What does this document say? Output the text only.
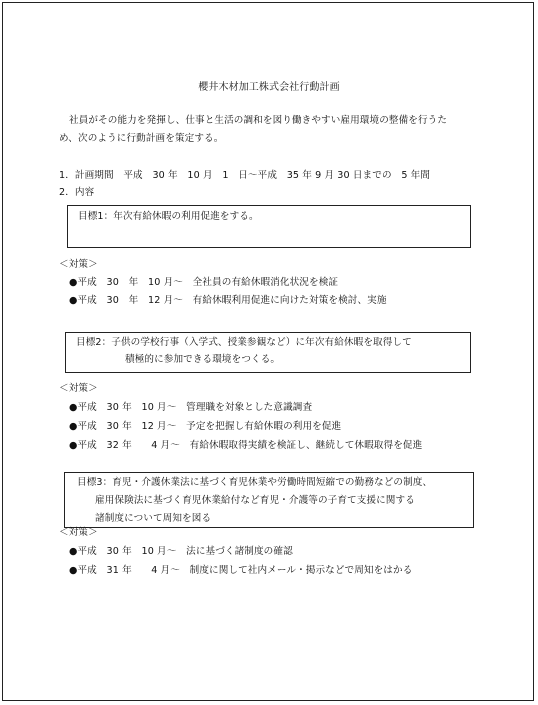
櫻井木材加工株式会社行動計画
社員がその能力を発揮し、仕事と生活の調和を図り働きやすい雇用環境の整備を行うた
め、次のように行動計画を策定する。
1．計画期間　平成　30 年　10 月　1　日～平成　35 年 9 月 30 日までの　5 年間
2．内容
目標1：年次有給休暇の利用促進をする。
＜対策＞
●平成　30　年　10 月～　全社員の有給休暇消化状況を検証
●平成　30　年　12 月～　有給休暇利用促進に向けた対策を検討、実施
目標2：子供の学校行事（入学式、授業参観など）に年次有給休暇を取得して
積極的に参加できる環境をつくる。
＜対策＞
●平成　30 年　10 月～　管理職を対象とした意識調査
●平成　30 年　12 月～　予定を把握し有給休暇の利用を促進
●平成　32 年　　4 月～　有給休暇取得実績を検証し、継続して休暇取得を促進
目標3：育児・介護休業法に基づく育児休業や労働時間短縮での勤務などの制度、
雇用保険法に基づく育児休業給付など育児・介護等の子育て支援に関する
諸制度について周知を図る
＜対策＞
●平成　30 年　10 月～　法に基づく諸制度の確認
●平成　31 年　　4 月～　制度に関して社内メール・掲示などで周知をはかる
